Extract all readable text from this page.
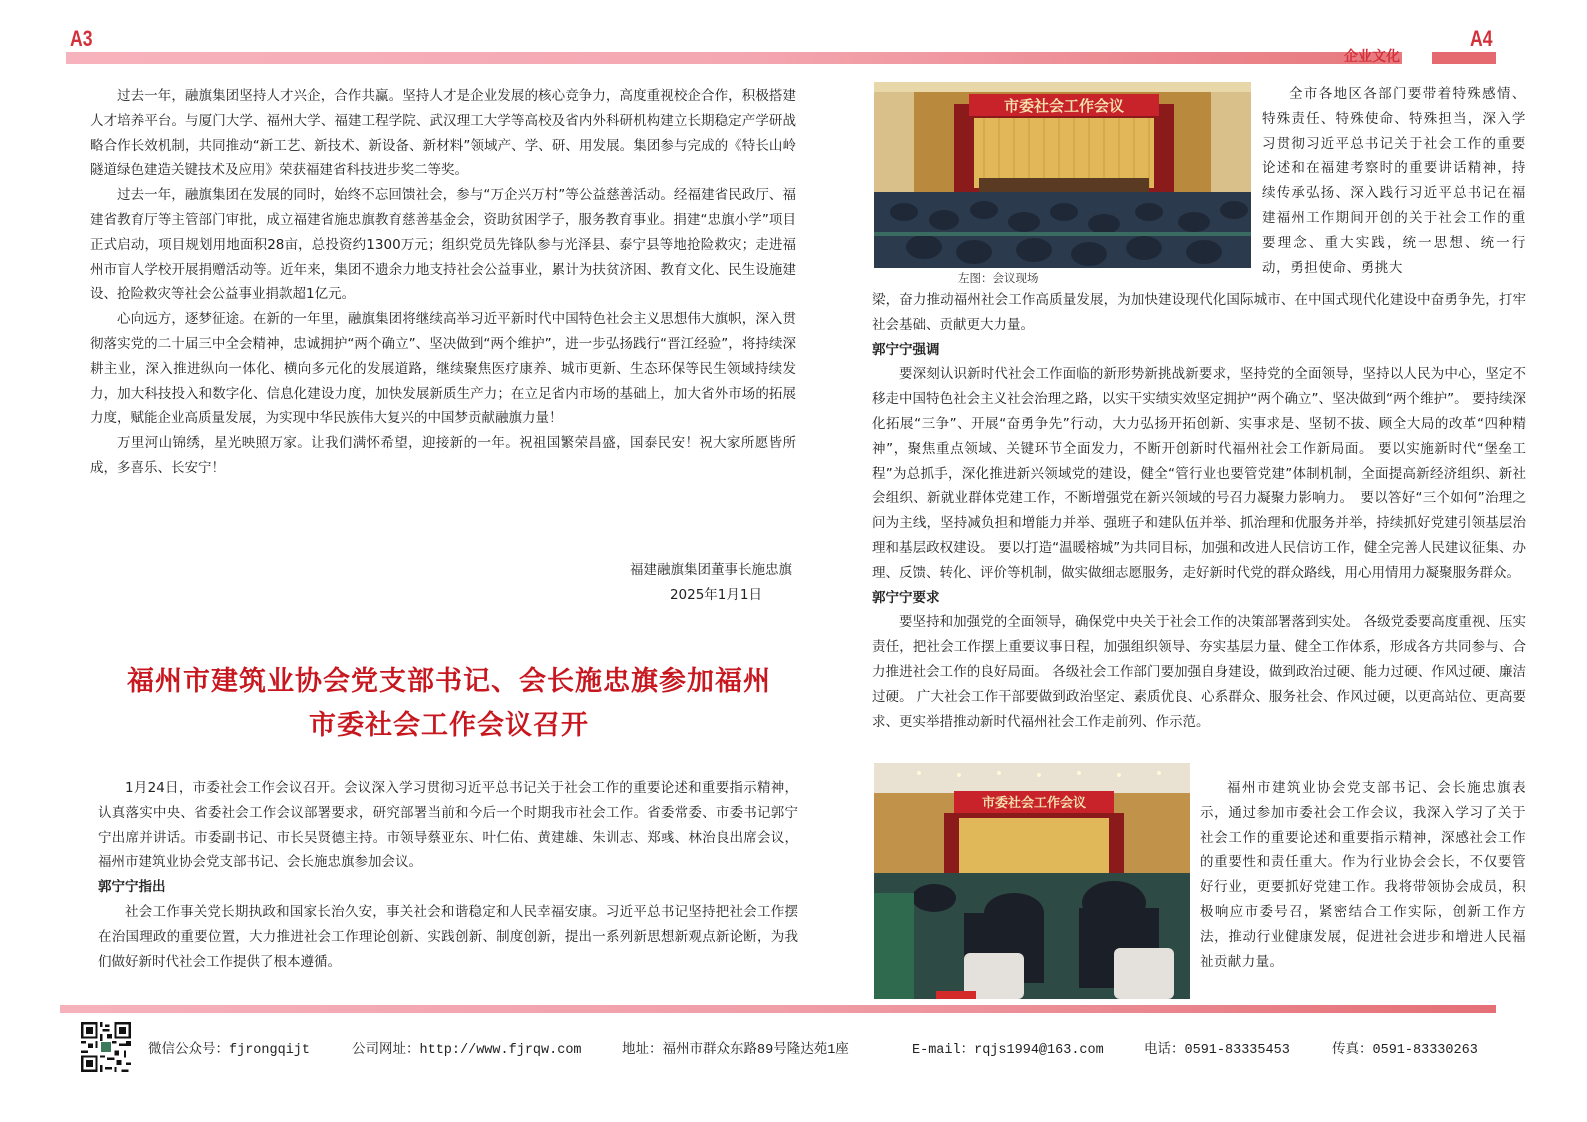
A3	A4
企业文化

过去一年，融旗集团坚持人才兴企，合作共赢。坚持人才是企业发展的核心竞争力，高度重视校企合作，积极搭建人才培养平台。与厦门大学、福州大学、福建工程学院、武汉理工大学等高校及省内外科研机构建立长期稳定产学研战略合作长效机制，共同推动“新工艺、新技术、新设备、新材料”领域产、学、研、用发展。集团参与完成的《特长山岭隧道绿色建造关键技术及应用》荣获福建省科技进步奖二等奖。

过去一年，融旗集团在发展的同时，始终不忘回馈社会，参与“万企兴万村”等公益慈善活动。经福建省民政厅、福建省教育厅等主管部门审批，成立福建省施忠旗教育慈善基金会，资助贫困学子，服务教育事业。捐建“忠旗小学”项目正式启动，项目规划用地面积28亩，总投资约1300万元；组织党员先锋队参与光泽县、泰宁县等地抢险救灾；走进福州市盲人学校开展捐赠活动等。近年来，集团不遗余力地支持社会公益事业，累计为扶贫济困、教育文化、民生设施建设、抢险救灾等社会公益事业捐款超1亿元。

心向远方，逐梦征途。在新的一年里，融旗集团将继续高举习近平新时代中国特色社会主义思想伟大旗帜，深入贯彻落实党的二十届三中全会精神，忠诚拥护“两个确立”、坚决做到“两个维护”，进一步弘扬践行“晋江经验”，将持续深耕主业，深入推进纵向一体化、横向多元化的发展道路，继续聚焦医疗康养、城市更新、生态环保等民生领域持续发力，加大科技投入和数字化、信息化建设力度，加快发展新质生产力；在立足省内市场的基础上，加大省外市场的拓展力度，赋能企业高质量发展，为实现中华民族伟大复兴的中国梦贡献融旗力量！

万里河山锦绣，星光映照万家。让我们满怀希望，迎接新的一年。祝祖国繁荣昌盛，国泰民安！祝大家所愿皆所成，多喜乐、长安宁！

福建融旗集团董事长施忠旗
2025年1月1日
福州市建筑业协会党支部书记、会长施忠旗参加福州
市委社会工作会议召开

1月24日，市委社会工作会议召开。会议深入学习贯彻习近平总书记关于社会工作的重要论述和重要指示精神，认真落实中央、省委社会工作会议部署要求，研究部署当前和今后一个时期我市社会工作。省委常委、市委书记郭宁宁出席并讲话。市委副书记、市长吴贤德主持。市领导蔡亚东、叶仁佑、黄建雄、朱训志、郑彧、林治良出席会议，福州市建筑业协会党支部书记、会长施忠旗参加会议。

郭宁宁指出

社会工作事关党长期执政和国家长治久安，事关社会和谐稳定和人民幸福安康。习近平总书记坚持把社会工作摆在治国理政的重要位置，大力推进社会工作理论创新、实践创新、制度创新，提出一系列新思想新观点新论断，为我们做好新时代社会工作提供了根本遵循。

市委社会工作会议
左图：会议现场

全市各地区各部门要带着特殊感情、特殊责任、特殊使命、特殊担当，深入学习贯彻习近平总书记关于社会工作的重要论述和在福建考察时的重要讲话精神，持续传承弘扬、深入践行习近平总书记在福建福州工作期间开创的关于社会工作的重要理念、重大实践，统一思想、统一行动，勇担使命、勇挑大

梁，奋力推动福州社会工作高质量发展，为加快建设现代化国际城市、在中国式现代化建设中奋勇争先，打牢社会基础、贡献更大力量。

郭宁宁强调

要深刻认识新时代社会工作面临的新形势新挑战新要求，坚持党的全面领导，坚持以人民为中心，坚定不移走中国特色社会主义社会治理之路，以实干实绩实效坚定拥护“两个确立”、坚决做到“两个维护”。 要持续深化拓展“三争”、开展“奋勇争先”行动，大力弘扬开拓创新、实事求是、坚韧不拔、顾全大局的改革“四种精神”，聚焦重点领域、关键环节全面发力，不断开创新时代福州社会工作新局面。 要以实施新时代“堡垒工程”为总抓手，深化推进新兴领域党的建设，健全“管行业也要管党建”体制机制，全面提高新经济组织、新社会组织、新就业群体党建工作，不断增强党在新兴领域的号召力凝聚力影响力。　要以答好“三个如何”治理之问为主线，坚持减负担和增能力并举、强班子和建队伍并举、抓治理和优服务并举，持续抓好党建引领基层治理和基层政权建设。 要以打造“温暖榕城”为共同目标，加强和改进人民信访工作，健全完善人民建议征集、办理、反馈、转化、评价等机制，做实做细志愿服务，走好新时代党的群众路线，用心用情用力凝聚服务群众。

郭宁宁要求

要坚持和加强党的全面领导，确保党中央关于社会工作的决策部署落到实处。 各级党委要高度重视、压实责任，把社会工作摆上重要议事日程，加强组织领导、夯实基层力量、健全工作体系，形成各方共同参与、合力推进社会工作的良好局面。 各级社会工作部门要加强自身建设，做到政治过硬、能力过硬、作风过硬、廉洁过硬。 广大社会工作干部要做到政治坚定、素质优良、心系群众、服务社会、作风过硬，以更高站位、更高要求、更实举措推动新时代福州社会工作走前列、作示范。

市委社会工作会议

福州市建筑业协会党支部书记、会长施忠旗表示，通过参加市委社会工作会议，我深入学习了关于社会工作的重要论述和重要指示精神，深感社会工作的重要性和责任重大。作为行业协会会长，不仅要管好行业，更要抓好党建工作。我将带领协会成员，积极响应市委号召，紧密结合工作实际，创新工作方法，推动行业健康发展，促进社会进步和增进人民福祉贡献力量。

微信公众号：fjrongqijt	公司网址：http://www.fjrqw.com	地址：福州市群众东路89号隆达苑1座	E-mail：rqjs1994@163.com	电话：0591-83335453	传真：0591-83330263
